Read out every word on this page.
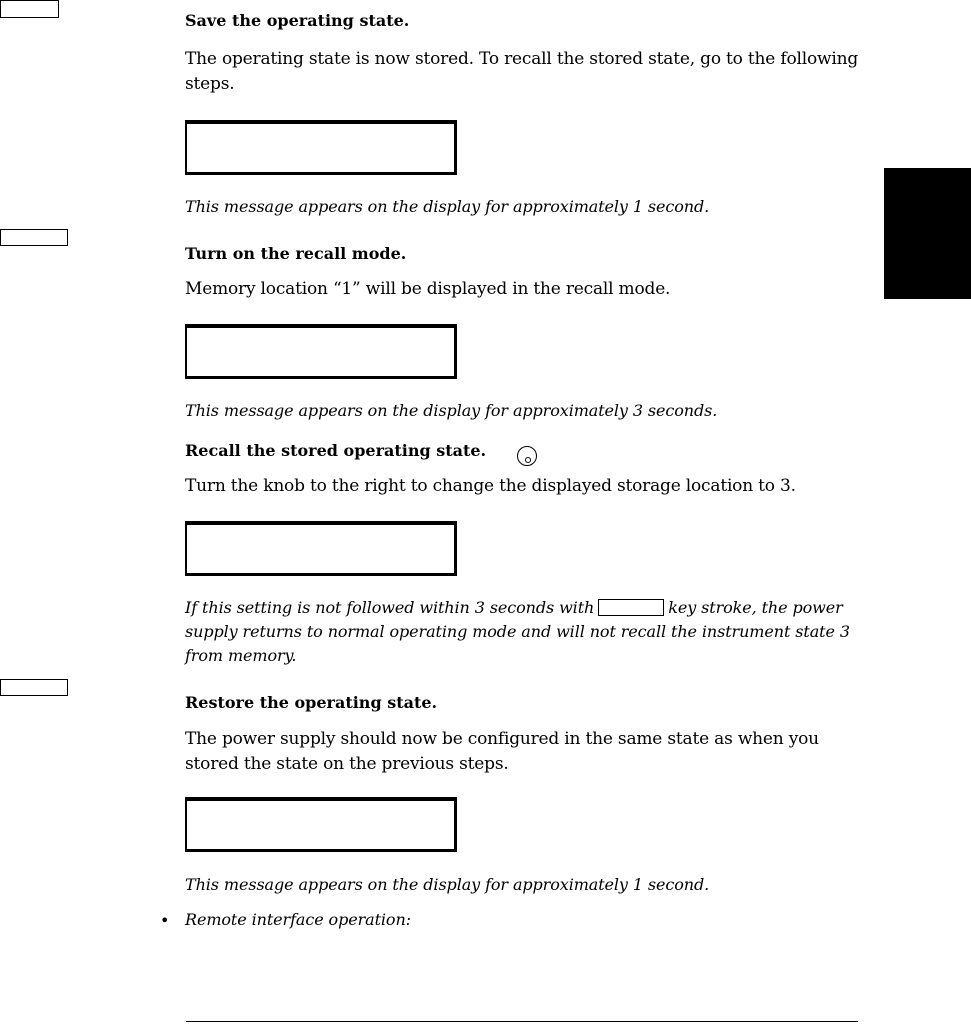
Save the operating state.
The operating state is now stored. To recall the stored state, go to the following steps.
This message appears on the display for approximately 1 second.
Turn on the recall mode.
Memory location “1” will be displayed in the recall mode.
This message appears on the display for approximately 3 seconds.
Recall the stored operating state.
Turn the knob to the right to change the displayed storage location to 3.
If this setting is not followed within 3 seconds with	key stroke, the power supply returns to normal operating mode and will not recall the instrument state 3 from memory.
Restore the operating state.
The power supply should now be configured in the same state as when you stored the state on the previous steps.
This message appears on the display for approximately 1 second.
• Remote interface operation:
